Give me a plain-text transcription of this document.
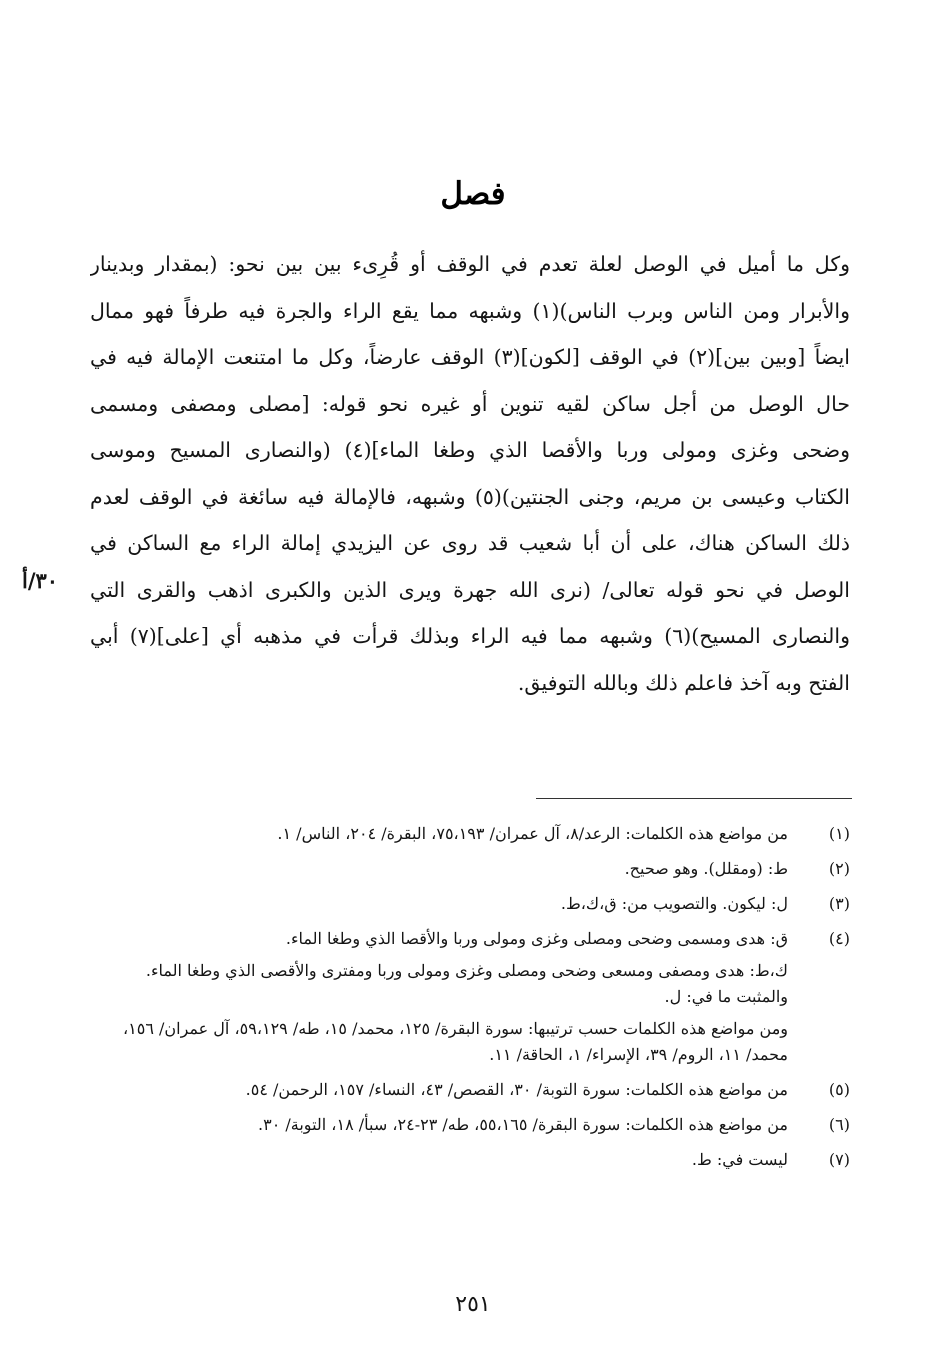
فصل
وكل ما أميل في الوصل لعلة تعدم في الوقف أو قُرِىء بين بين نحو: (بمقدار وبدينار
والأبرار ومن الناس وبرب الناس)(١) وشبهه مما يقع الراء والجرة فيه طرفاً فهو ممال
ايضاً [وبين بين](٢) في الوقف [لكون](٣) الوقف عارضاً، وكل ما امتنعت الإمالة فيه في
حال الوصل من أجل ساكن لقيه تنوين أو غيره نحو قوله: [مصلى ومصفى ومسمى
وضحى وغزى ومولى وربا والأقصا الذي وطغا الماء](٤) (والنصارى المسيح وموسى
الكتاب وعيسى بن مريم، وجنى الجنتين)(٥) وشبهه، فالإمالة فيه سائغة في الوقف لعدم
ذلك الساكن هناك، على أن أبا شعيب قد روى عن اليزيدي إمالة الراء مع الساكن في
الوصل في نحو قوله تعالى/ (نرى الله جهرة ويرى الذين والكبرى اذهب والقرى التي
والنصارى المسيح)(٦) وشبهه مما فيه الراء وبذلك قرأت في مذهبه أي [على](٧) أبي
الفتح وبه آخذ فاعلم ذلك وبالله التوفيق.
٣٠/أ
(١)
من مواضع هذه الكلمات: الرعد/٨، آل عمران/ ٧٥،١٩٣، البقرة/ ٢٠٤، الناس/ ١.
(٢)
ط: (ومقلل). وهو صحيح.
(٣)
ل: ليكون. والتصويب من: ق،ك،ط.
(٤)
ق: هدى ومسمى وضحى ومصلى وغزى ومولى وربا والأقصا الذي وطغا الماء.
ك،ط: هدى ومصفى ومسعى وضحى ومصلى وغزى ومولى وربا ومفترى والأقصى الذي وطغا الماء. والمثبت ما في: ل.
ومن مواضع هذه الكلمات حسب ترتيبها: سورة البقرة/ ١٢٥، محمد/ ١٥، طه/ ٥٩،١٢٩، آل عمران/ ١٥٦، محمد/ ١١، الروم/ ٣٩، الإسراء/ ١، الحاقة/ ١١.
(٥)
من مواضع هذه الكلمات: سورة التوبة/ ٣٠، القصص/ ٤٣، النساء/ ١٥٧، الرحمن/ ٥٤.
(٦)
من مواضع هذه الكلمات: سورة البقرة/ ٥٥،١٦٥، طه/ ٢٣-٢٤، سبأ/ ١٨، التوبة/ ٣٠.
(٧)
ليست في: ط.
٢٥١
